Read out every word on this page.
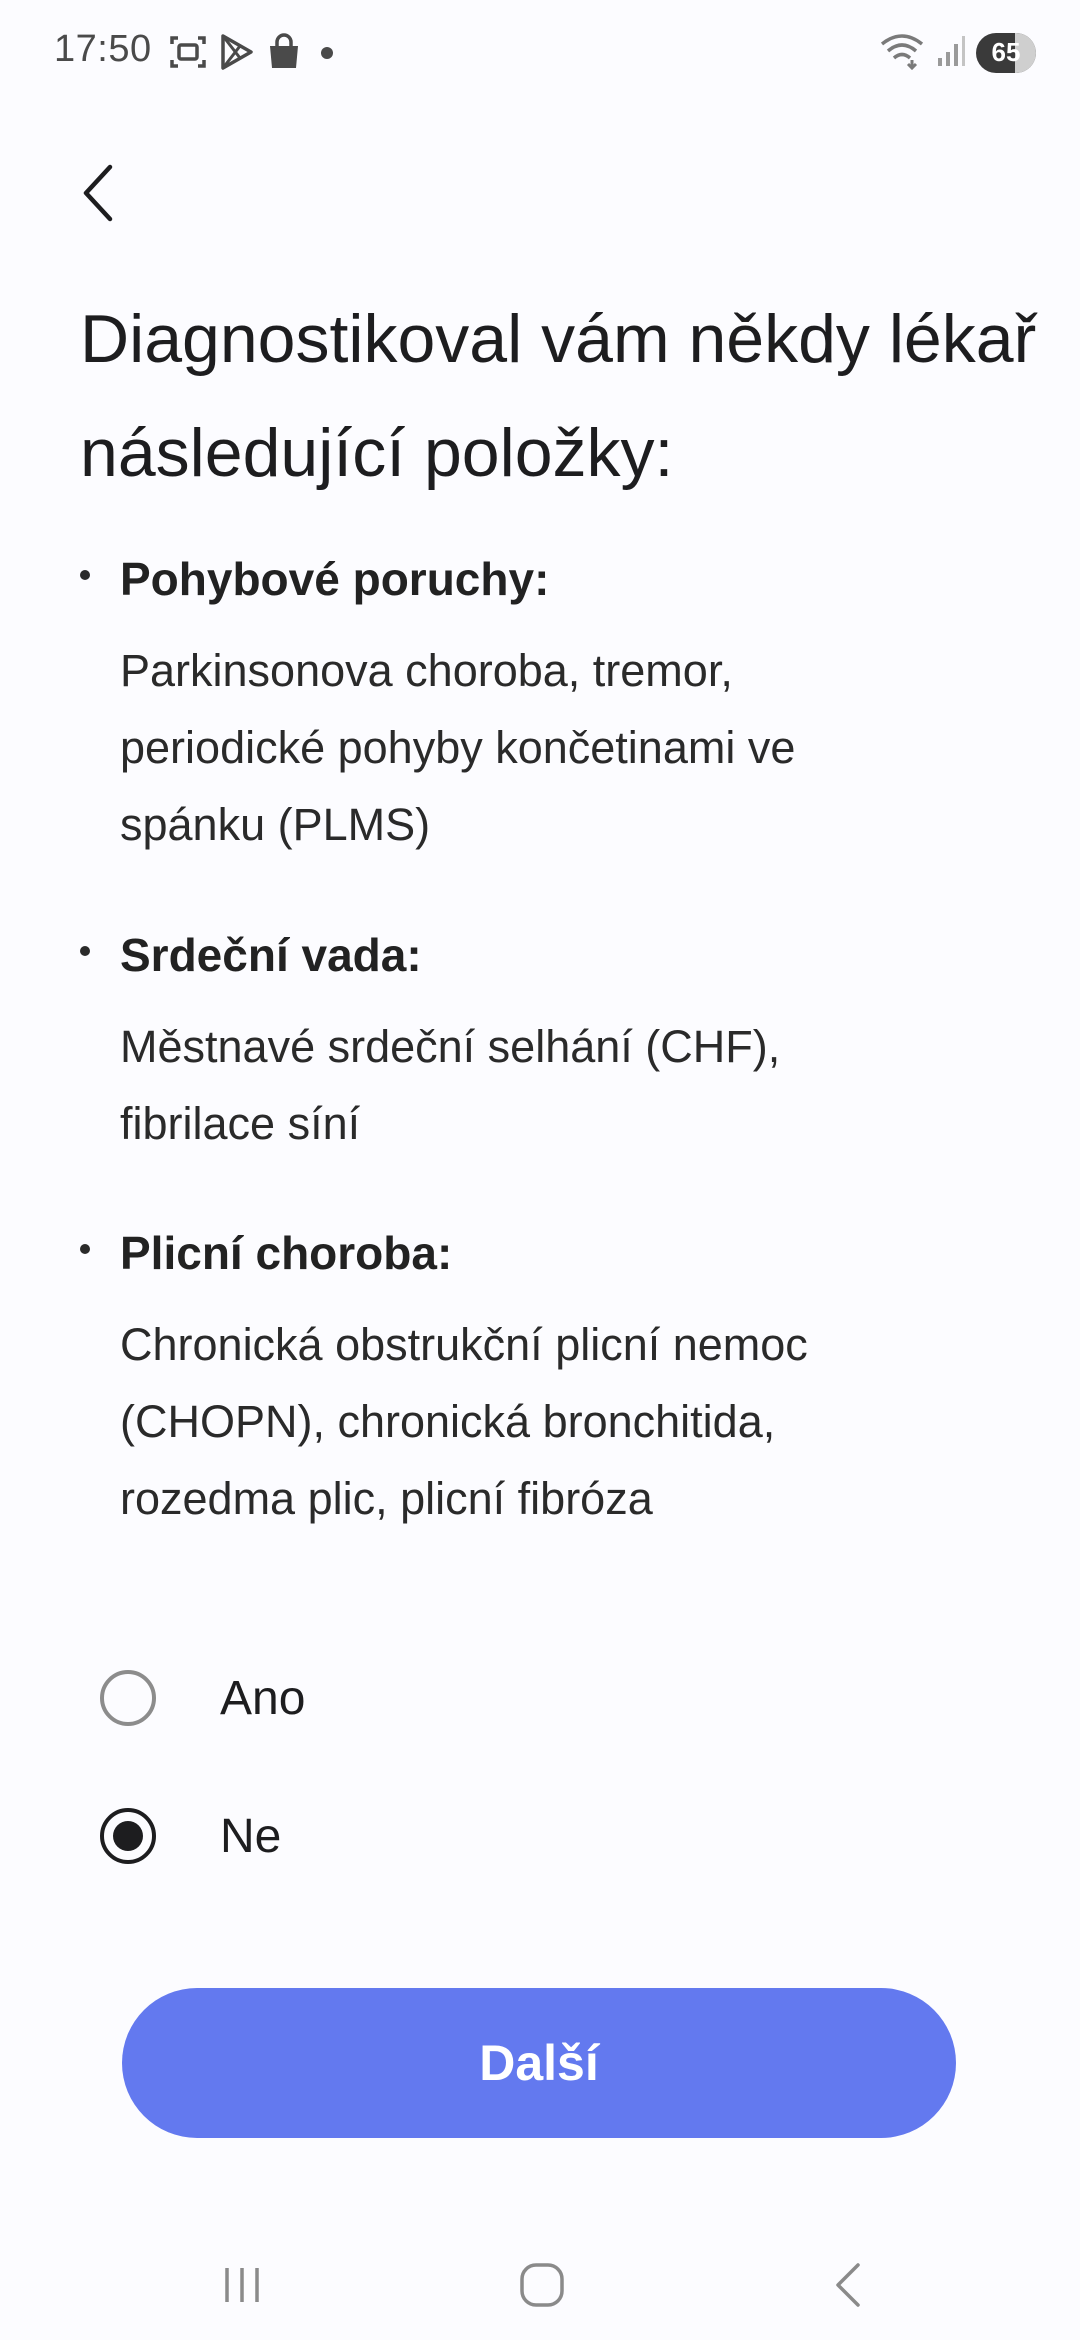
17:50	65
Diagnostikoval vám někdy lékař následující položky:
Pohybové poruchy:
Parkinsonova choroba, tremor, periodické pohyby končetinami ve spánku (PLMS)
Srdeční vada:
Městnavé srdeční selhání (CHF), fibrilace síní
Plicní choroba:
Chronická obstrukční plicní nemoc (CHOPN), chronická bronchitida, rozedma plic, plicní fibróza
Ano
Ne
Další
